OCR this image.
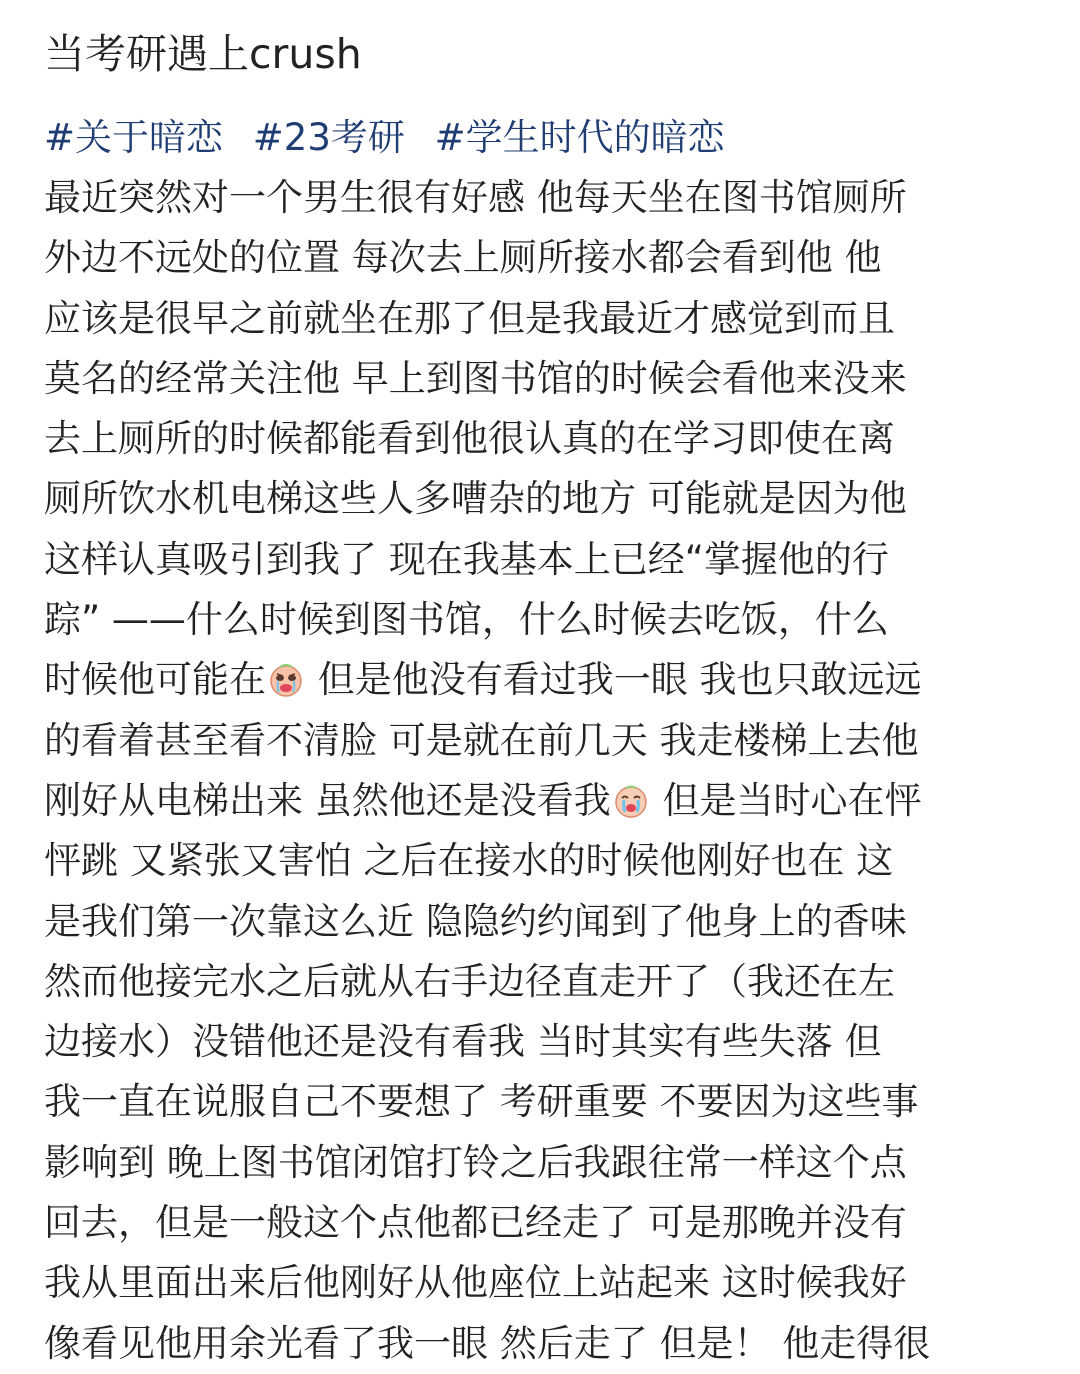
当考研遇上crush
#关于暗恋 #23考研 #学生时代的暗恋
最近突然对一个男生很有好感 他每天坐在图书馆厕所
外边不远处的位置 每次去上厕所接水都会看到他 他
应该是很早之前就坐在那了但是我最近才感觉到而且
莫名的经常关注他 早上到图书馆的时候会看他来没来
去上厕所的时候都能看到他很认真的在学习即使在离
厕所饮水机电梯这些人多嘈杂的地方 可能就是因为他
这样认真吸引到我了 现在我基本上已经“掌握他的行
踪” ——什么时候到图书馆，什么时候去吃饭，什么
时候他可能在 但是他没有看过我一眼 我也只敢远远
的看着甚至看不清脸 可是就在前几天 我走楼梯上去他
刚好从电梯出来 虽然他还是没看我 但是当时心在怦
怦跳 又紧张又害怕 之后在接水的时候他刚好也在 这
是我们第一次靠这么近 隐隐约约闻到了他身上的香味
然而他接完水之后就从右手边径直走开了（我还在左
边接水）没错他还是没有看我 当时其实有些失落 但
我一直在说服自己不要想了 考研重要 不要因为这些事
影响到 晚上图书馆闭馆打铃之后我跟往常一样这个点
回去，但是一般这个点他都已经走了 可是那晚并没有
我从里面出来后他刚好从他座位上站起来 这时候我好
像看见他用余光看了我一眼 然后走了 但是！ 他走得很
